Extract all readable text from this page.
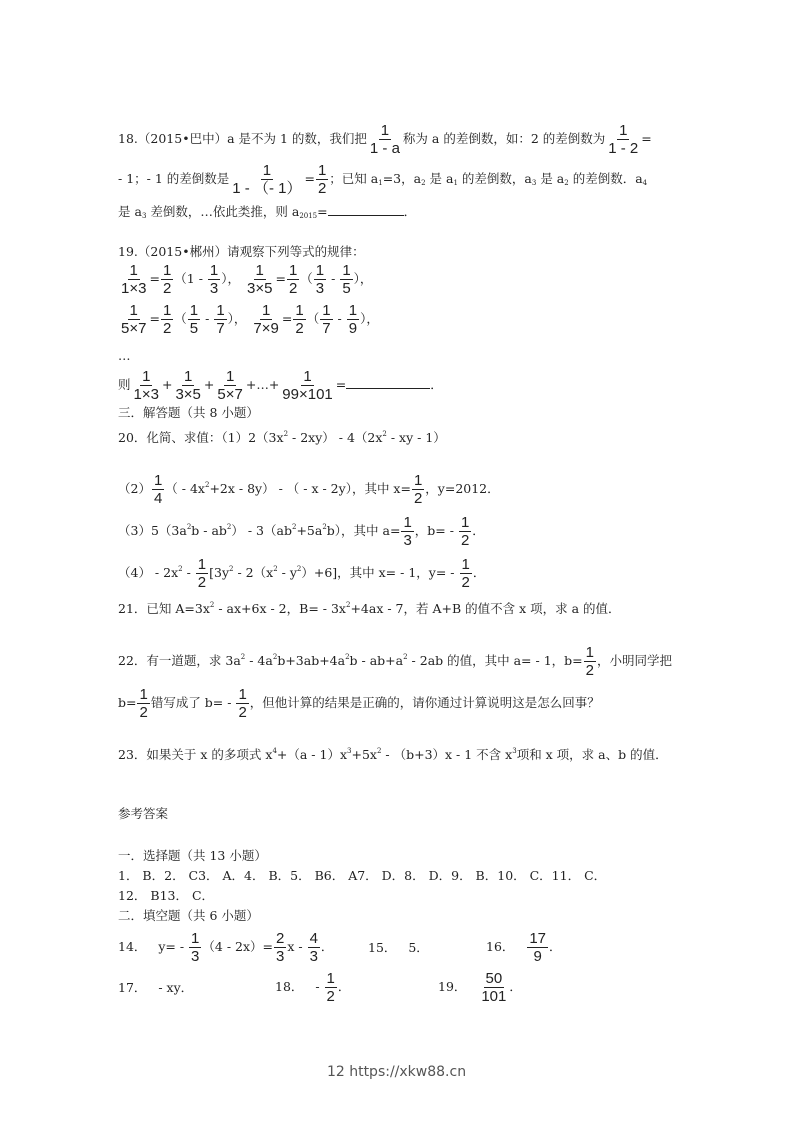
18.（2015•巴中）a 是不为 1 的数，我们把 $\frac{1}{1 - a}$ 称为 a 的差倒数，如：2 的差倒数为 $\frac{1}{1 - 2}$ =
- 1；- 1 的差倒数是 $\frac{1}{1 - (- 1)} = \frac{1}{2}$ ；已知 $a_1=3$，$a_2$ 是 $a_1$ 的差倒数，$a_3$ 是 $a_2$ 的差倒数．$a_4$
是 $a_3$ 差倒数，…依此类推，则 $a_{2015}=$	．
19.（2015•郴州）请观察下列等式的规律：
$\frac{1}{1\times 3} = \frac{1}{2} (1 - \frac{1}{3}$ ）， $\frac{1}{3\times 5} = \frac{1}{2}$ （ $\frac{1}{3} - \frac{1}{5}$ ），
$\frac{1}{5\times 7} = \frac{1}{2}$ （ $\frac{1}{5} - \frac{1}{7}$ ）， $\frac{1}{7\times 9} = \frac{1}{2}$ （ $\frac{1}{7} - \frac{1}{9}$ ），
…
则 $\frac{1}{1\times 3} + \frac{1}{3\times 5} + \frac{1}{5\times 7}$ +…+ $\frac{1}{99\times 101}$ =	．
三．解答题（共 8 小题）
20．化简、求值：$(1)2(3x^2 - 2xy) - 4(2x^2$ - xy - 1）
$(2) \frac{1}{4}$ （ - $4x^2+2x - 8y$） - （ - x - 2y），其中 $x= \frac{1}{2}$ ，y=2012．
$(3)5(3a^2b - ab^2) - 3(ab^2+5a^2b)$，其中 $a= \frac{1}{3}$ ，$b= - \frac{1}{2}$ ．
$(4) - 2x^2 - \frac{1}{2} [3y^2 - 2(x^2 - y^2)+6]$，其中 x= - 1，$y= - \frac{1}{2}$ ．
21．已知 $A=3x^2 - ax+6x - 2$，$B= - 3x^2+4ax - 7$，若 A+B 的值不含 x 项，求 a 的值．
22．有一道题，求 $3a^2 - 4a^2b+3ab+4a^2b - ab+a^2 - 2ab$ 的值，其中 a= - 1，$b= \frac{1}{2}$ ，小明同学把
$b= \frac{1}{2}$ 错写成了 $b= - \frac{1}{2}$ ，但他计算的结果是正确的，请你通过计算说明这是怎么回事？
23．如果关于 x 的多项式 $x^4+(a - 1)x^3+5x^2 - (b+3)x - 1$ 不含 $x^3$项和 x 项，求 a、b 的值．
参考答案
一．选择题（共 13 小题）
1． B．2． C3． A．4． B．5． B6． A7． D．8． D．9． B．10． C．11． C．
12． B13． C．
二．填空题（共 6 小题）
14． $y= - \frac{1}{3} (4 - 2x)= \frac{2}{3}$ x - $\frac{4}{3}$ ．	15． 5．	16． $\frac{17}{9}$ ．
17． - xy．	18． - $\frac{1}{2}$ ．	19． $\frac{50}{101}$ ．
12 https://xkw88.cn
